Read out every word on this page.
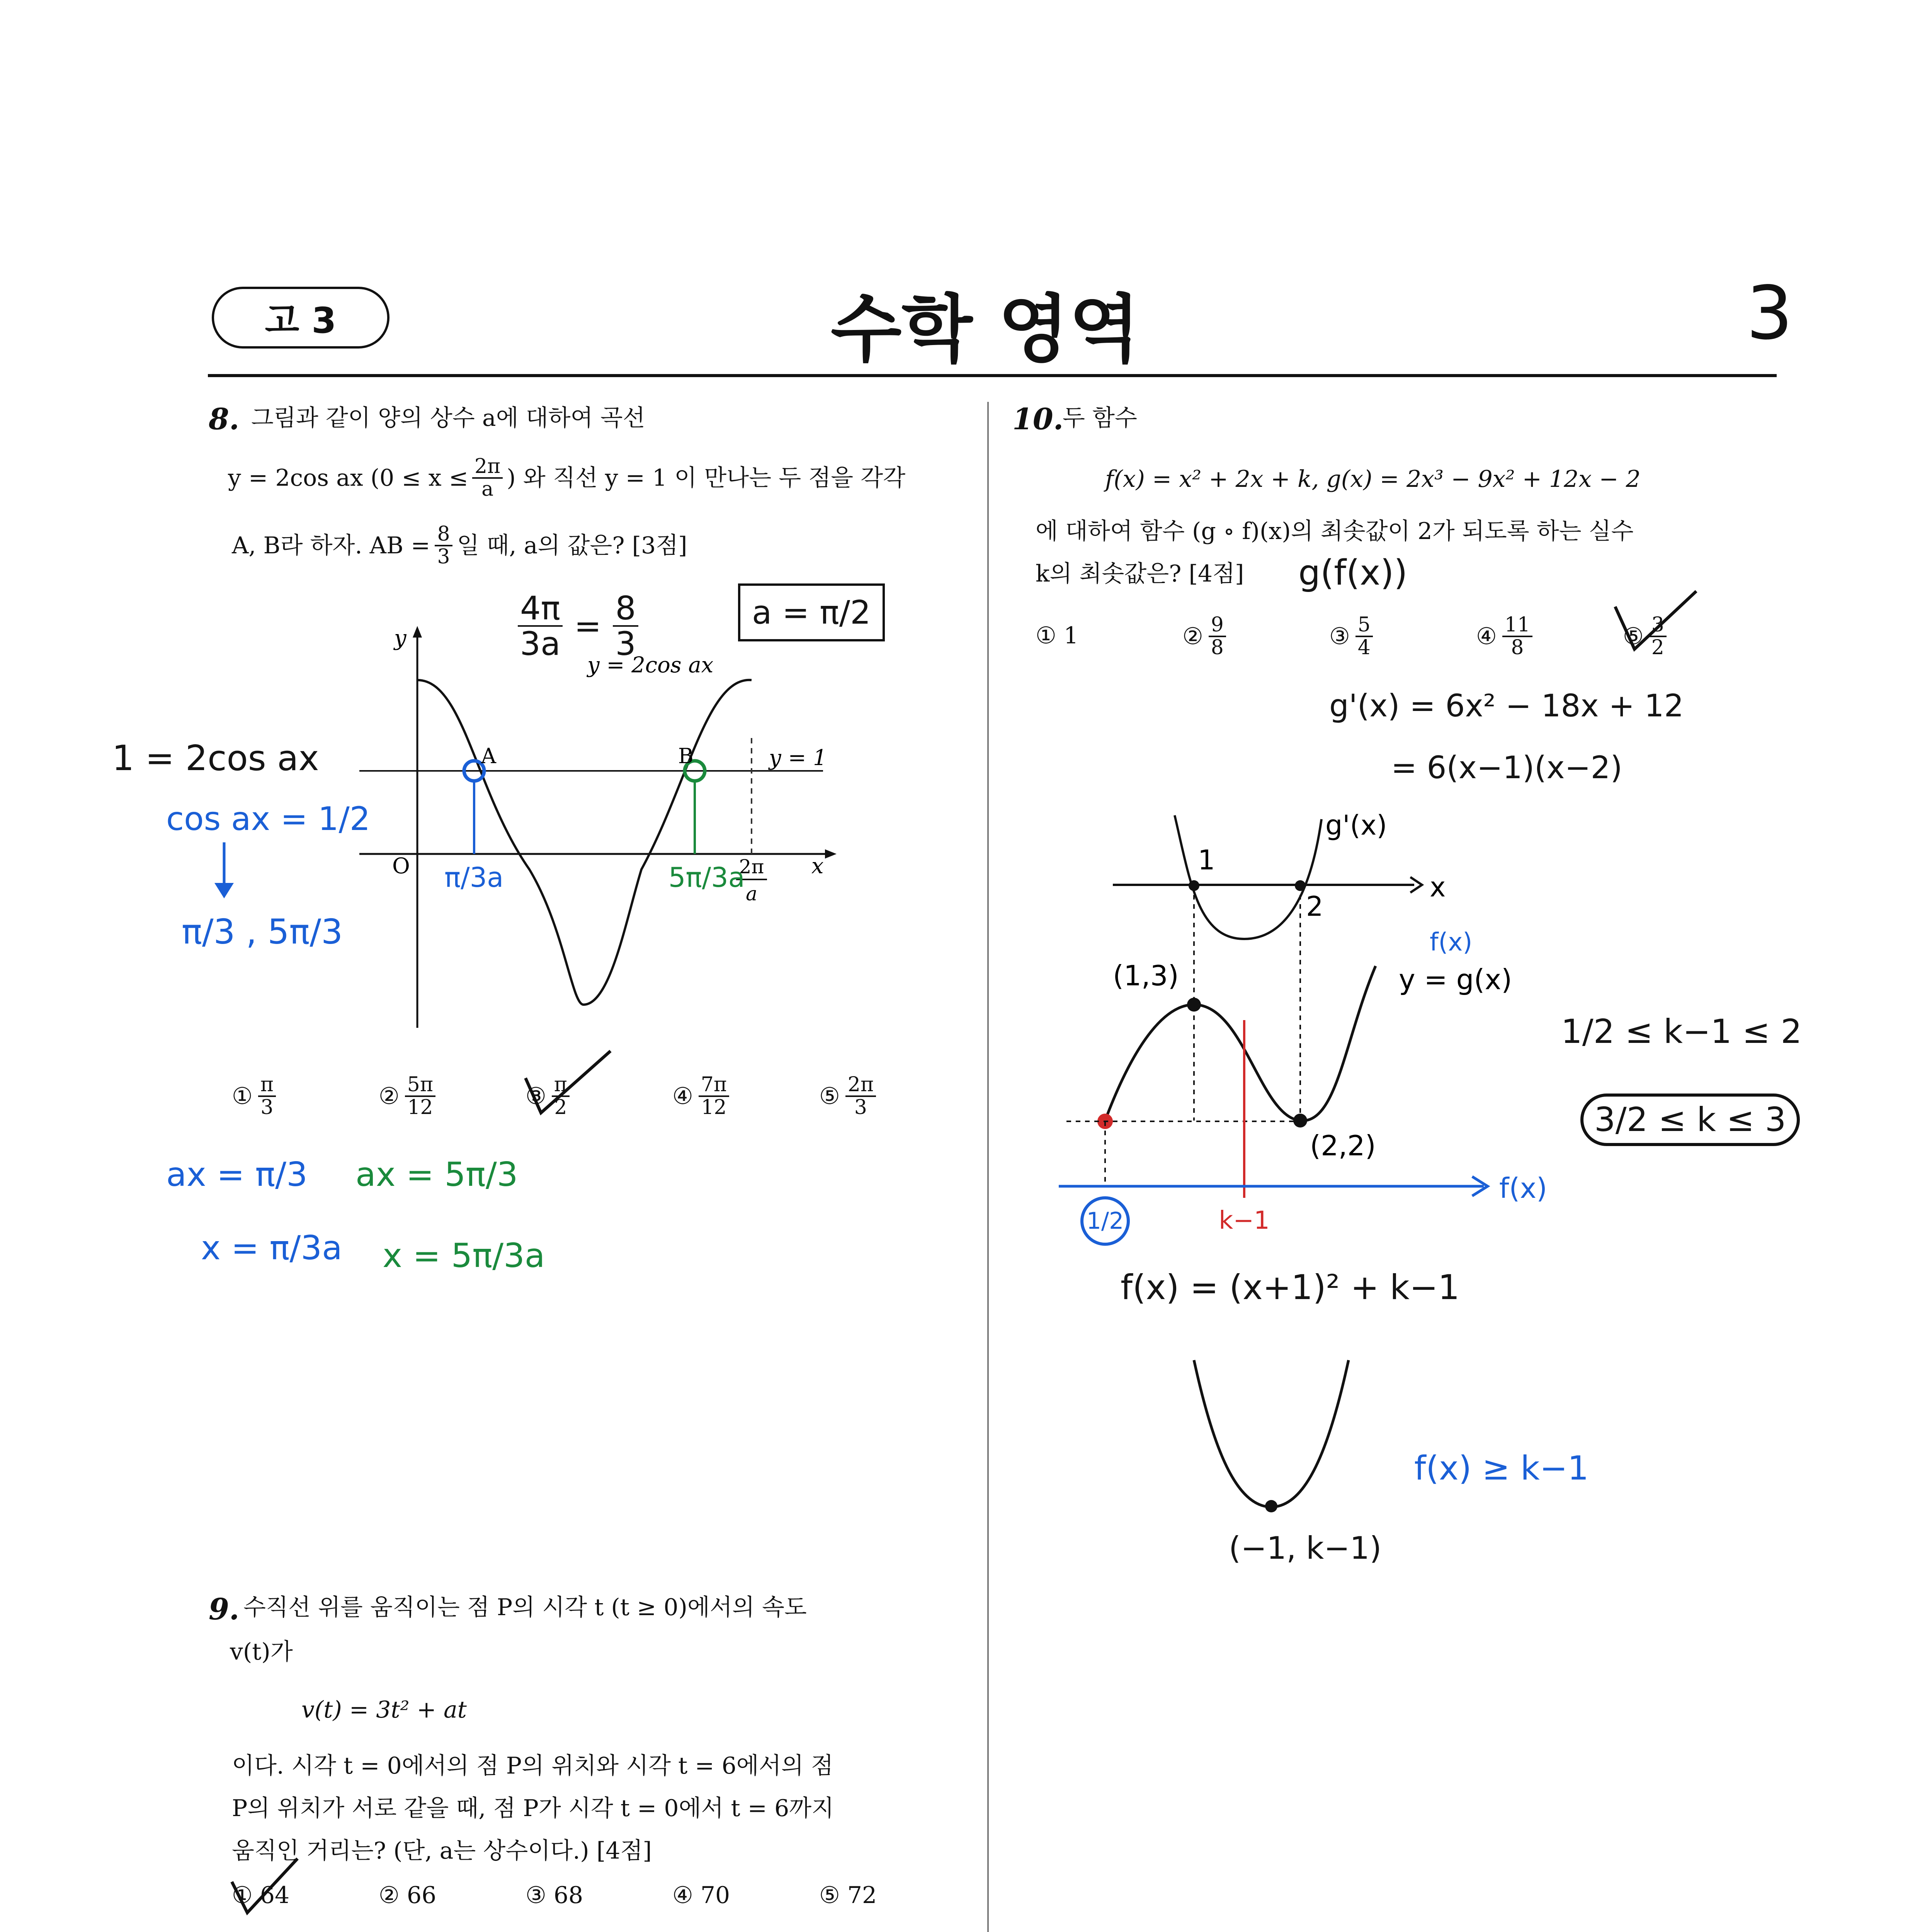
고 3	수학 영역	3
8. 그림과 같이 양의 상수 a에 대하여 곡선
y = 2cos ax ($0 \le x \le \frac{2\pi}{a}$ ) 와 직선 y = 1 이 만나는 두 점을 각각
A, B라 하자. AB = $\frac{8}{3}$ 일 때, a의 값은? [3점]
y
y = 2cos ax
y = 1
O	x
A	B
2π
a
① $\frac{\pi}{3}$	② $\frac{5\pi}{12}$	③ $\frac{\pi}{2}$	④ $\frac{7\pi}{12}$	⑤ $\frac{2\pi}{3}$
$\frac{4\pi}{3a} = \frac{8}{3}$	a = π/2
1 = 2cos ax
cos ax = 1/2
π/3 , 5π/3
π/3a	5π/3a
ax = π/3 ax = 5π/3
x = π/3a x = 5π/3a
9. 수직선 위를 움직이는 점 P의 시각 t (t ≥ 0)에서의 속도
v(t)가
v(t) = 3t² + at
이다. 시각 t = 0에서의 점 P의 위치와 시각 t = 6에서의 점
P의 위치가 서로 같을 때, 점 P가 시각 t = 0에서 t = 6까지
움직인 거리는? (단, a는 상수이다.) [4점]
① 64	② 66	③ 68	④ 70	⑤ 72
10.
두 함수
f(x) = x² + 2x + k, g(x) = 2x³ − 9x² + 12x − 2
에 대하여 함수 (g ∘ f)(x)의 최솟값이 2가 되도록 하는 실수
k의 최솟값은? [4점]
① 1	② $\frac{9}{8}$	③ $\frac{5}{4}$	④ $\frac{11}{8}$	⑤ $\frac{3}{2}$
g(f(x))
g'(x) = 6x² − 18x + 12
= 6(x−1)(x−2)
g'(x)
x
1
2
1/2	k−1
f(x)
f(x)
y = g(x)
(1,3)
(2,2)
1/2 ≤ k−1 ≤ 2
3/2 ≤ k ≤ 3
f(x) = (x+1)² + k−1
(−1, k−1)
f(x) ≥ k−1
